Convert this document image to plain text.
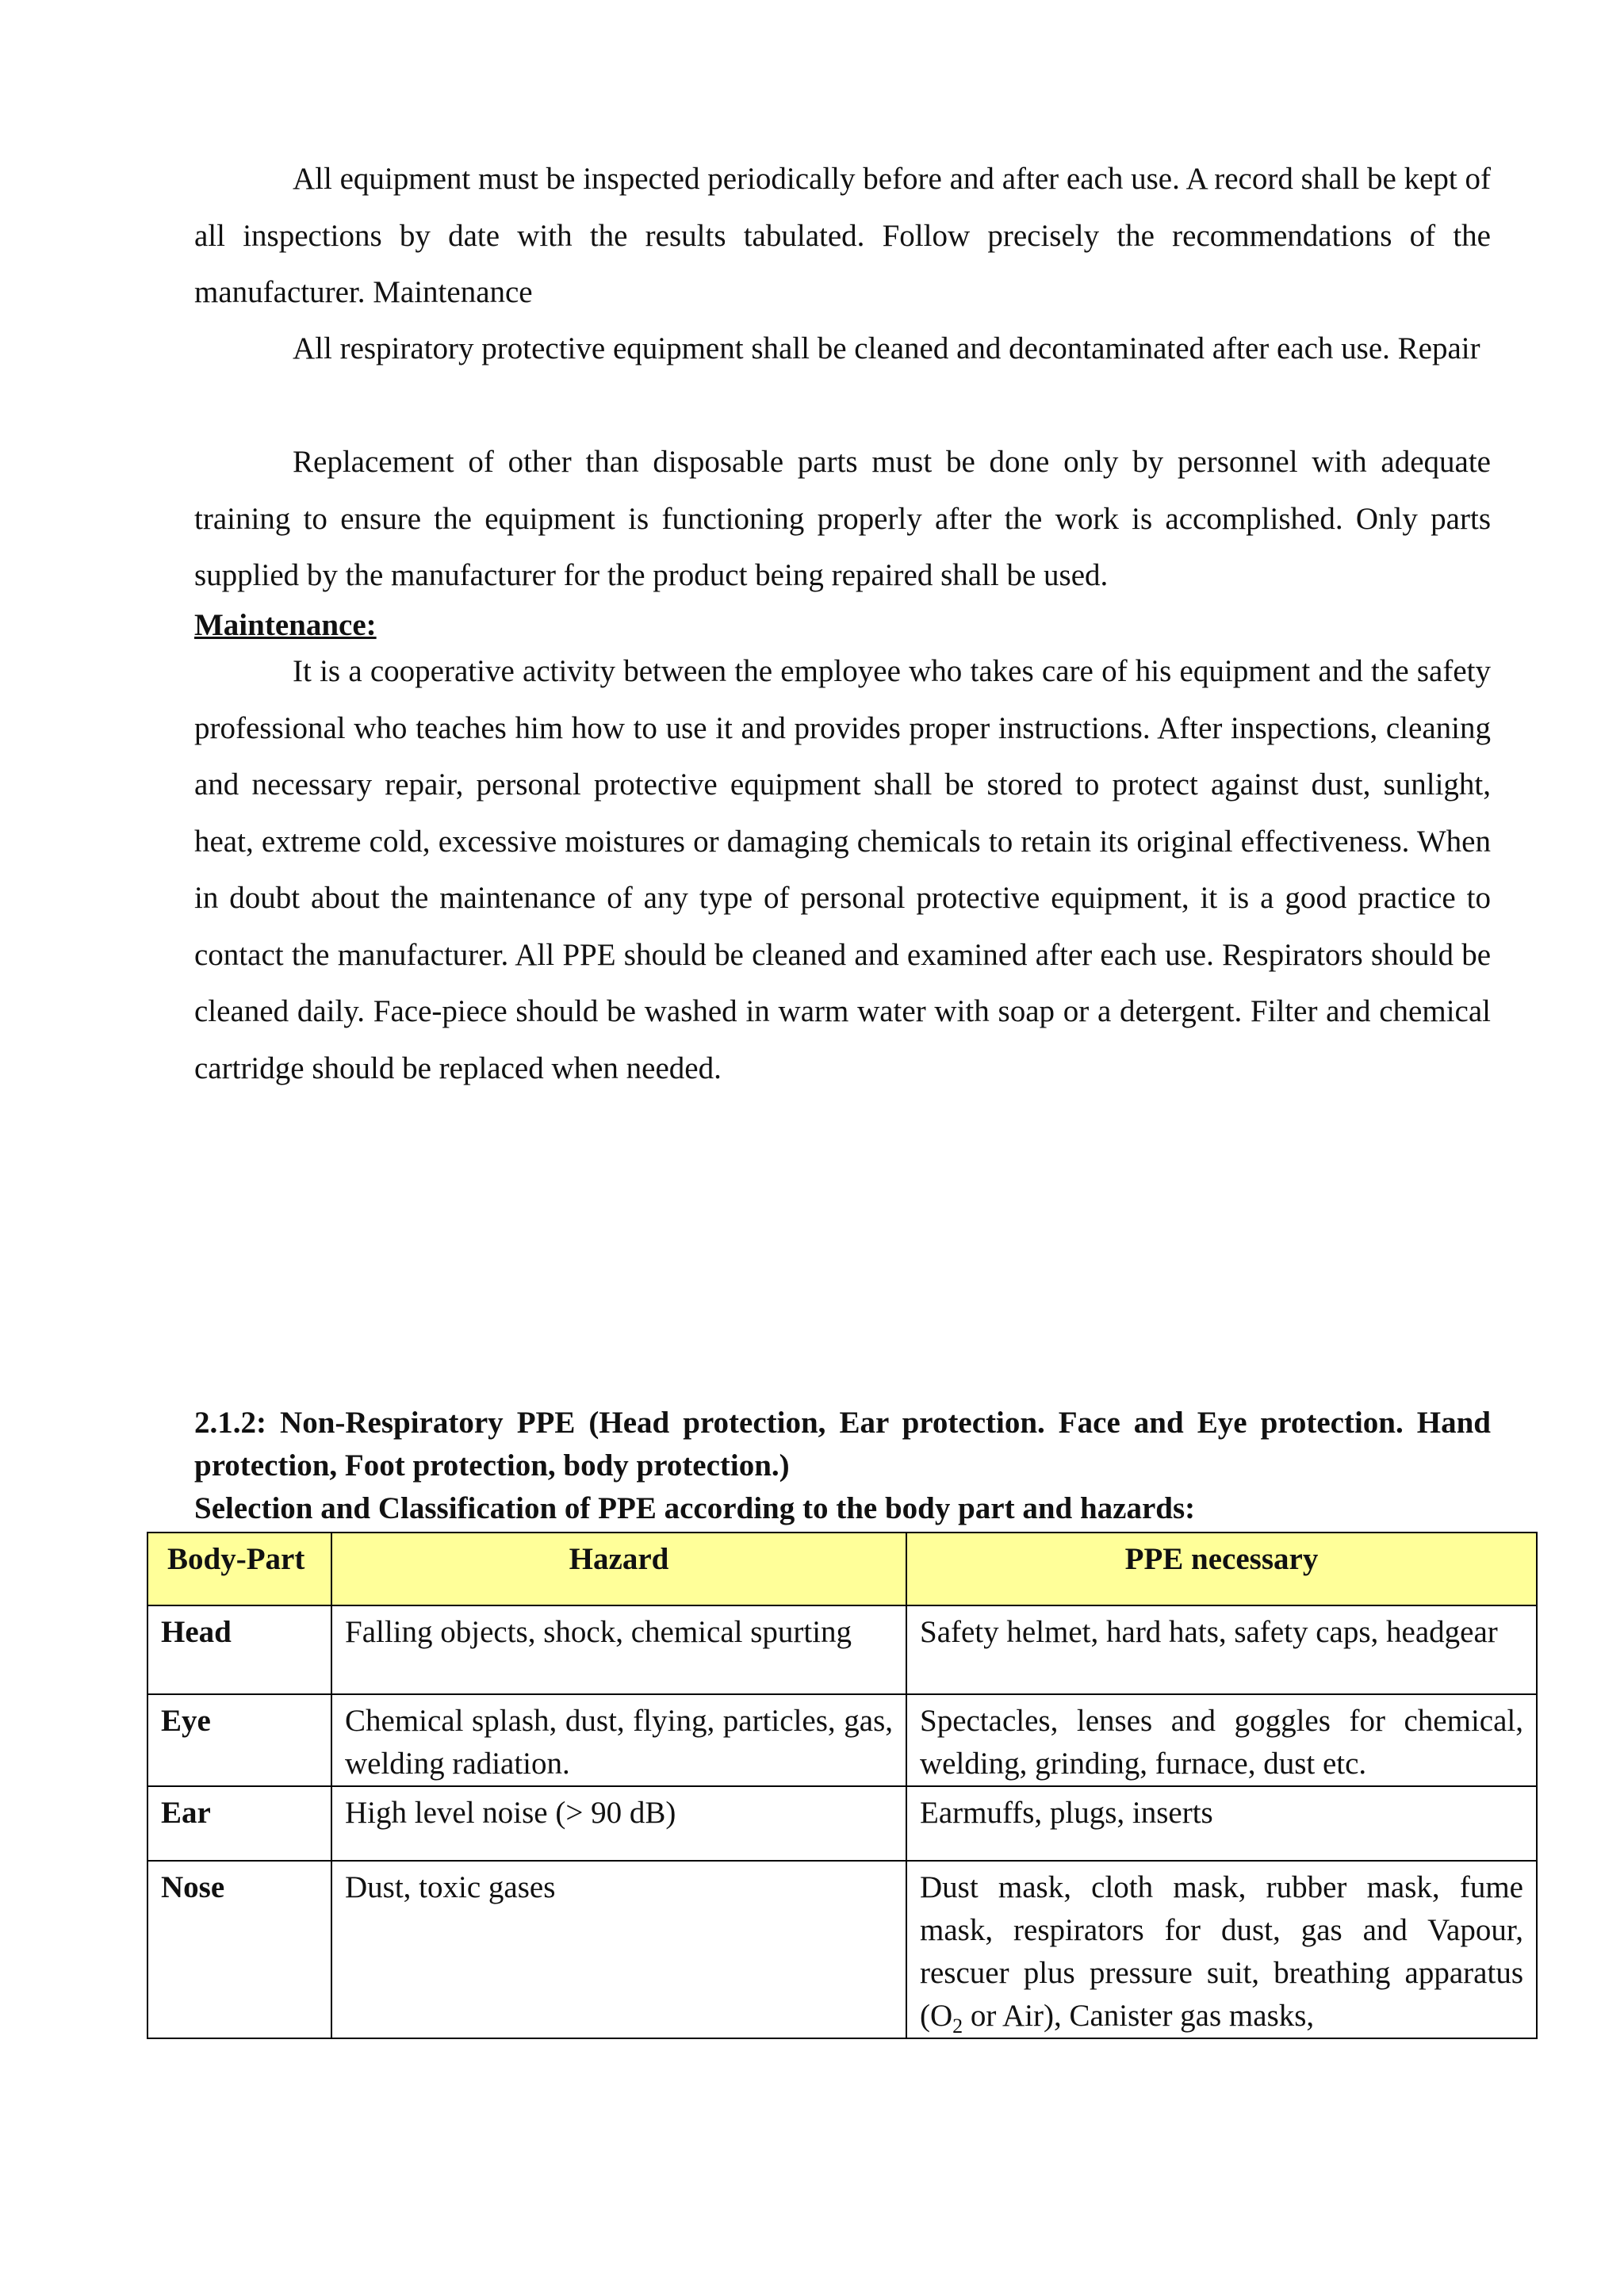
All equipment must be inspected periodically before and after each use. A record shall be kept of all inspections by date with the results tabulated. Follow precisely the recommendations of the manufacturer. Maintenance
All respiratory protective equipment shall be cleaned and decontaminated after each use. Repair
Replacement of other than disposable parts must be done only by personnel with adequate training to ensure the equipment is functioning properly after the work is accomplished. Only parts supplied by the manufacturer for the product being repaired shall be used.
Maintenance:
It is a cooperative activity between the employee who takes care of his equipment and the safety professional who teaches him how to use it and provides proper instructions. After inspections, cleaning and necessary repair, personal protective equipment shall be stored to protect against dust, sunlight, heat, extreme cold, excessive moistures or damaging chemicals to retain its original effectiveness. When in doubt about the maintenance of any type of personal protective equipment, it is a good practice to contact the manufacturer. All PPE should be cleaned and examined after each use. Respirators should be cleaned daily. Face-piece should be washed in warm water with soap or a detergent. Filter and chemical cartridge should be replaced when needed.
2.1.2: Non-Respiratory PPE (Head protection, Ear protection. Face and Eye protection. Hand protection, Foot protection, body protection.)
Selection and Classification of PPE according to the body part and hazards:
Body-Part	Hazard	PPE necessary
Head	Falling objects, shock, chemical spurting	Safety helmet, hard hats, safety caps, headgear
Eye	Chemical splash, dust, flying, particles, gas, welding radiation.	Spectacles, lenses and goggles for chemical, welding, grinding, furnace, dust etc.
Ear	High level noise (> 90 dB)	Earmuffs, plugs, inserts
Nose	Dust, toxic gases	Dust mask, cloth mask, rubber mask, fume mask, respirators for dust, gas and Vapour, rescuer plus pressure suit, breathing apparatus ($O_2$ or Air), Canister gas masks,
